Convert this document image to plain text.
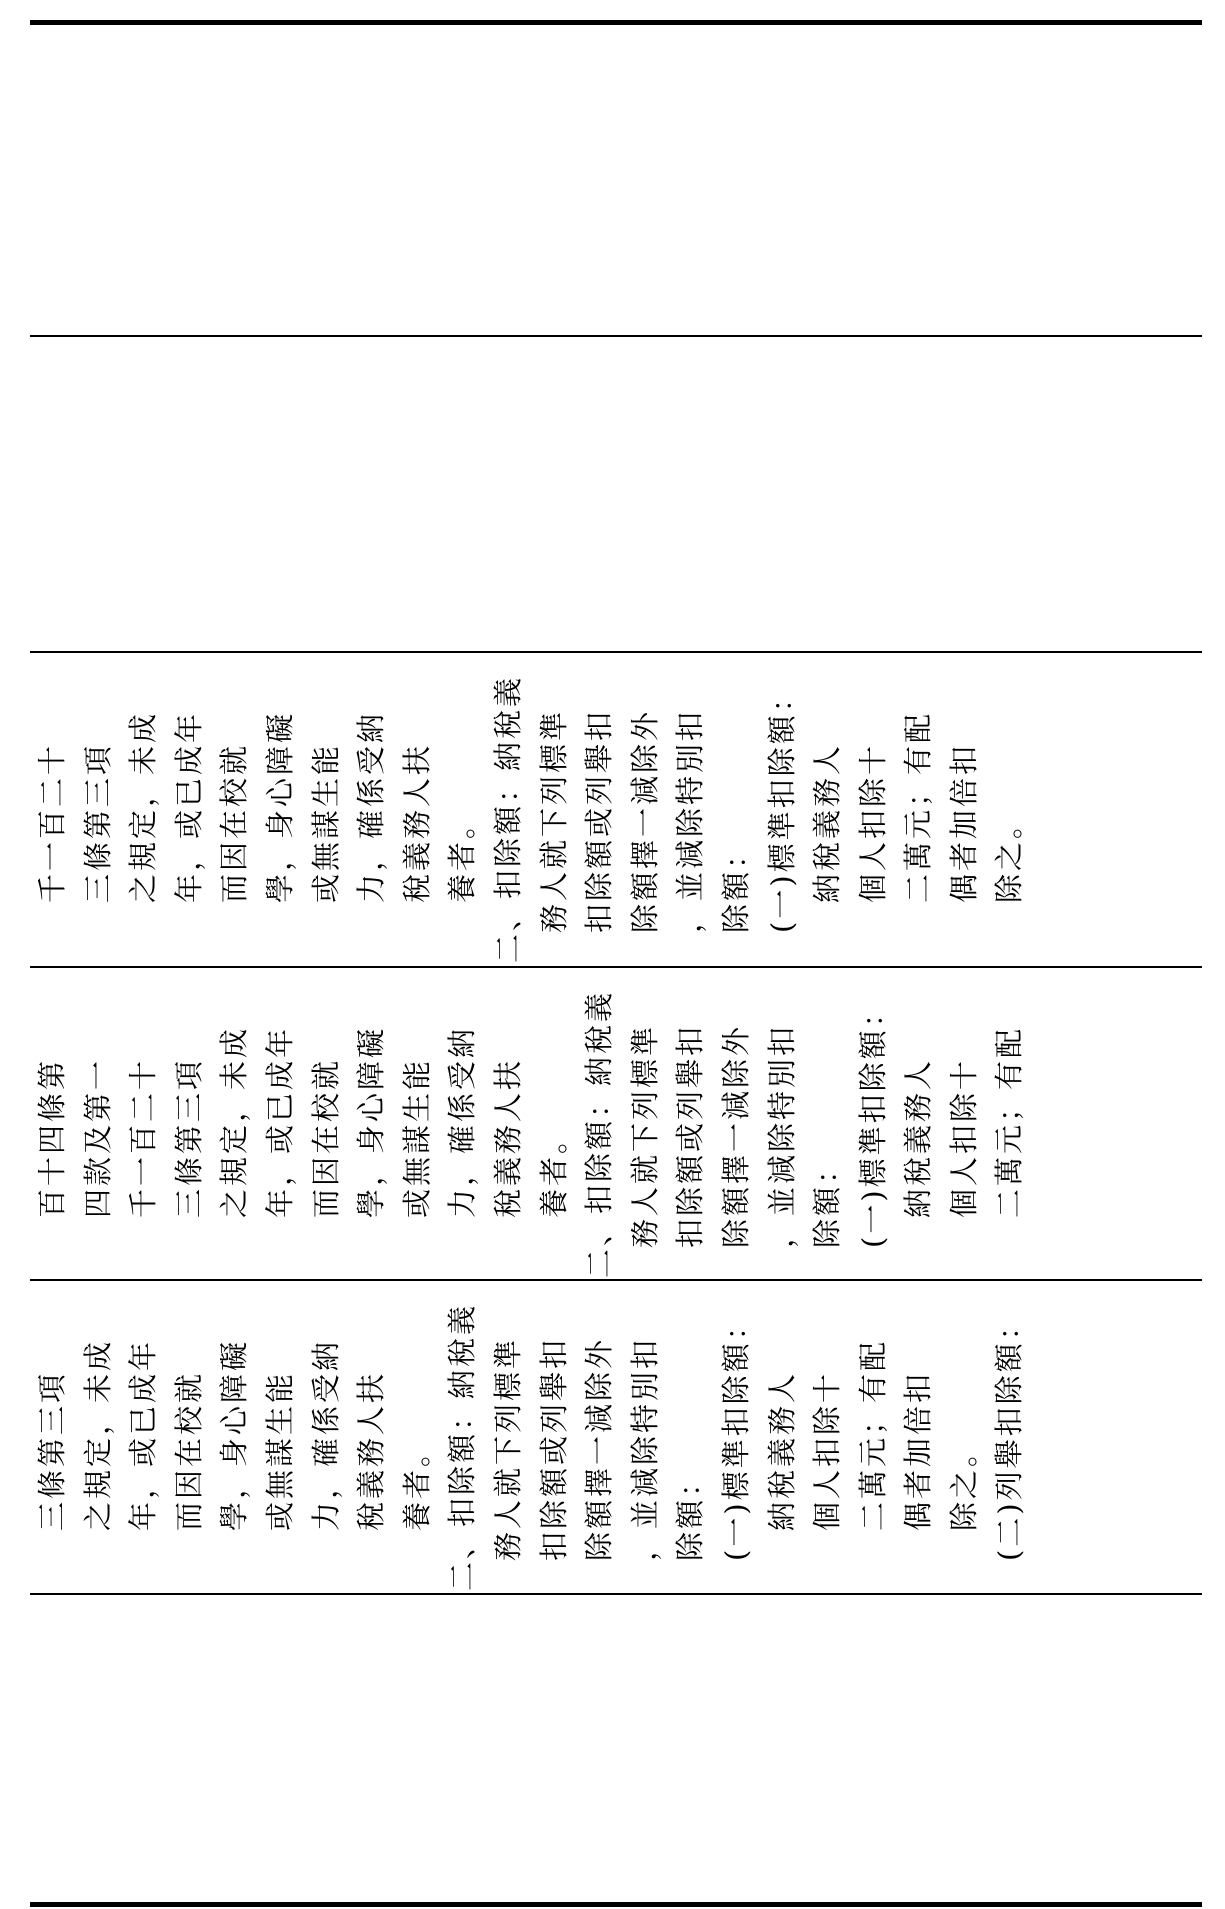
千一百二十 三條第三項 之規定，未成 年，或已成年 而因在校就 學，身心障礙 或無謀生能 力，確係受納 稅義務人扶 養者。 二、扣除額：納稅義 務人就下列標準 扣除額或列舉扣 除額擇一減除外 ，並減除特別扣 除額： (一)標準扣除額： 納稅義務人 個人扣除十 二萬元；有配 偶者加倍扣 除之。
百十四條第 四款及第一 千一百二十 三條第三項 之規定，未成 年，或已成年 而因在校就 學，身心障礙 或無謀生能 力，確係受納 稅義務人扶 養者。 二、扣除額：納稅義 務人就下列標準 扣除額或列舉扣 除額擇一減除外 ，並減除特別扣 除額： (一)標準扣除額： 納稅義務人 個人扣除十 二萬元；有配
三條第三項 之規定，未成 年，或已成年 而因在校就 學，身心障礙 或無謀生能 力，確係受納 稅義務人扶 養者。 二、扣除額：納稅義 務人就下列標準 扣除額或列舉扣 除額擇一減除外 ，並減除特別扣 除額： (一)標準扣除額： 納稅義務人 個人扣除十 二萬元；有配 偶者加倍扣 除之。 (二)列舉扣除額：
